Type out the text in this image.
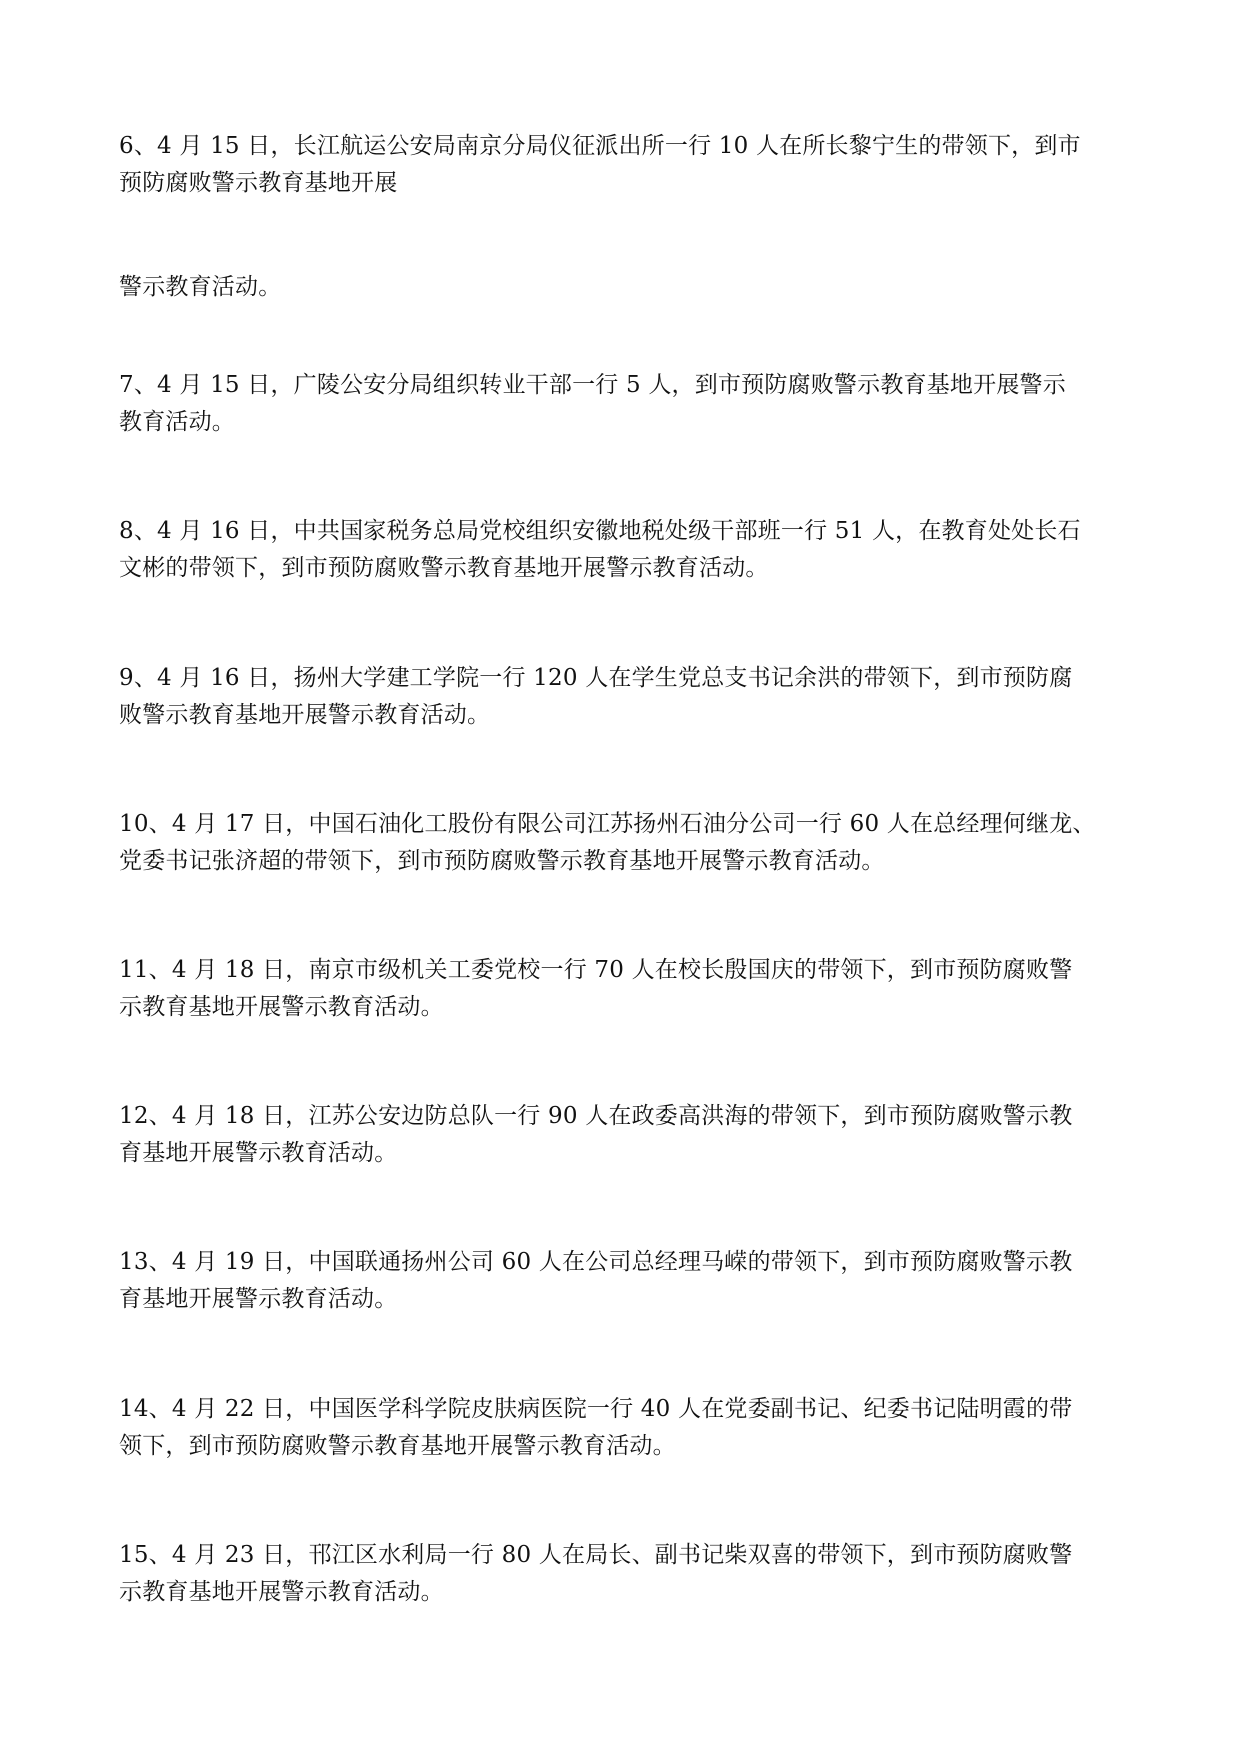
6、4 月 15 日，长江航运公安局南京分局仪征派出所一行 10 人在所长黎宁生的带领下，到市
预防腐败警示教育基地开展

警示教育活动。

7、4 月 15 日，广陵公安分局组织转业干部一行 5 人，到市预防腐败警示教育基地开展警示
教育活动。

8、4 月 16 日，中共国家税务总局党校组织安徽地税处级干部班一行 51 人，在教育处处长石
文彬的带领下，到市预防腐败警示教育基地开展警示教育活动。

9、4 月 16 日，扬州大学建工学院一行 120 人在学生党总支书记余洪的带领下，到市预防腐
败警示教育基地开展警示教育活动。

10、4 月 17 日，中国石油化工股份有限公司江苏扬州石油分公司一行 60 人在总经理何继龙、
党委书记张济超的带领下，到市预防腐败警示教育基地开展警示教育活动。

11、4 月 18 日，南京市级机关工委党校一行 70 人在校长殷国庆的带领下，到市预防腐败警
示教育基地开展警示教育活动。

12、4 月 18 日，江苏公安边防总队一行 90 人在政委高洪海的带领下，到市预防腐败警示教
育基地开展警示教育活动。

13、4 月 19 日，中国联通扬州公司 60 人在公司总经理马嵘的带领下，到市预防腐败警示教
育基地开展警示教育活动。

14、4 月 22 日，中国医学科学院皮肤病医院一行 40 人在党委副书记、纪委书记陆明霞的带
领下，到市预防腐败警示教育基地开展警示教育活动。

15、4 月 23 日，邗江区水利局一行 80 人在局长、副书记柴双喜的带领下，到市预防腐败警
示教育基地开展警示教育活动。
